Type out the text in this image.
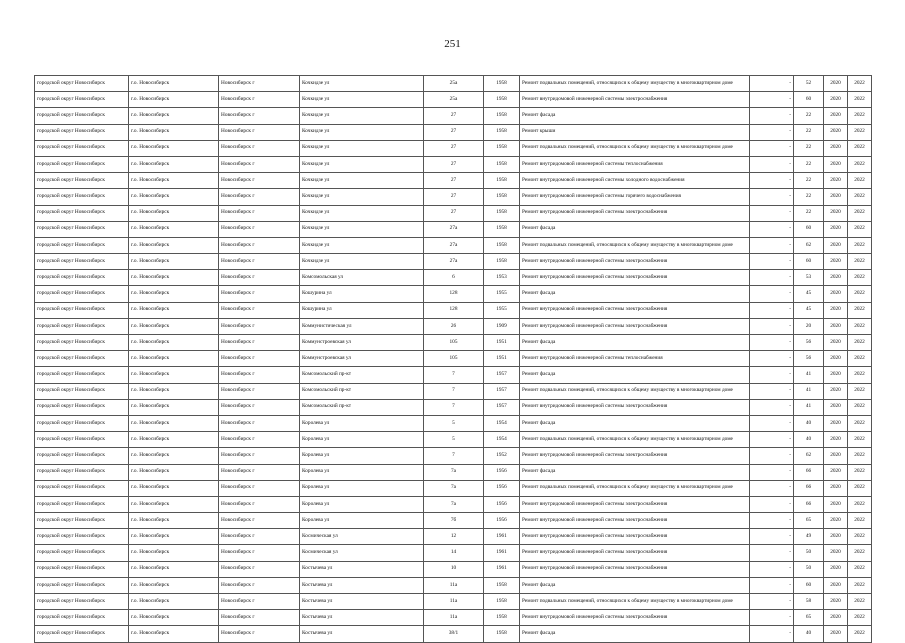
251
городской округ Новосибирск	г.о. Новосибирск	Новосибирск г	Кочкидзе ул	25а	1958	Ремонт подвальных помещений, относящихся к общему имуществу в многоквартирном доме	-	52	2020	2022
городской округ Новосибирск	г.о. Новосибирск	Новосибирск г	Кочкидзе ул	25а	1958	Ремонт внутридомовой инженерной системы электроснабжения	-	60	2020	2022
городской округ Новосибирск	г.о. Новосибирск	Новосибирск г	Кочкидзе ул	27	1958	Ремонт фасада	-	22	2020	2022
городской округ Новосибирск	г.о. Новосибирск	Новосибирск г	Кочкидзе ул	27	1958	Ремонт крыши	-	22	2020	2022
городской округ Новосибирск	г.о. Новосибирск	Новосибирск г	Кочкидзе ул	27	1958	Ремонт подвальных помещений, относящихся к общему имуществу в многоквартирном доме	-	22	2020	2022
городской округ Новосибирск	г.о. Новосибирск	Новосибирск г	Кочкидзе ул	27	1958	Ремонт внутридомовой инженерной системы теплоснабжения	-	22	2020	2022
городской округ Новосибирск	г.о. Новосибирск	Новосибирск г	Кочкидзе ул	27	1958	Ремонт внутридомовой инженерной системы холодного водоснабжения	-	22	2020	2022
городской округ Новосибирск	г.о. Новосибирск	Новосибирск г	Кочкидзе ул	27	1958	Ремонт внутридомовой инженерной системы горячего водоснабжения	-	22	2020	2022
городской округ Новосибирск	г.о. Новосибирск	Новосибирск г	Кочкидзе ул	27	1958	Ремонт внутридомовой инженерной системы электроснабжения	-	22	2020	2022
городской округ Новосибирск	г.о. Новосибирск	Новосибирск г	Кочкидзе ул	27а	1958	Ремонт фасада	-	60	2020	2022
городской округ Новосибирск	г.о. Новосибирск	Новосибирск г	Кочкидзе ул	27а	1958	Ремонт подвальных помещений, относящихся к общему имуществу в многоквартирном доме	-	62	2020	2022
городской округ Новосибирск	г.о. Новосибирск	Новосибирск г	Кочкидзе ул	27а	1958	Ремонт внутридомовой инженерной системы электроснабжения	-	60	2020	2022
городской округ Новосибирск	г.о. Новосибирск	Новосибирск г	Комсомольская ул	6	1953	Ремонт внутридомовой инженерной системы электроснабжения	-	53	2020	2022
городской округ Новосибирск	г.о. Новосибирск	Новосибирск г	Кошурина ул	128	1955	Ремонт фасада	-	45	2020	2022
городской округ Новосибирск	г.о. Новосибирск	Новосибирск г	Кошурина ул	128	1955	Ремонт внутридомовой инженерной системы электроснабжения	-	45	2020	2022
городской округ Новосибирск	г.о. Новосибирск	Новосибирск г	Коммунистическая ул	26	1909	Ремонт внутридомовой инженерной системы электроснабжения	-	20	2020	2022
городской округ Новосибирск	г.о. Новосибирск	Новосибирск г	Коммунстроевская ул	105	1951	Ремонт фасада	-	56	2020	2022
городской округ Новосибирск	г.о. Новосибирск	Новосибирск г	Коммунстроевская ул	105	1951	Ремонт внутридомовой инженерной системы теплоснабжения	-	56	2020	2022
городской округ Новосибирск	г.о. Новосибирск	Новосибирск г	Комсомольский пр-кт	7	1957	Ремонт фасада	-	41	2020	2022
городской округ Новосибирск	г.о. Новосибирск	Новосибирск г	Комсомольский пр-кт	7	1957	Ремонт подвальных помещений, относящихся к общему имуществу в многоквартирном доме	-	41	2020	2022
городской округ Новосибирск	г.о. Новосибирск	Новосибирск г	Комсомольский пр-кт	7	1957	Ремонт внутридомовой инженерной системы электроснабжения	-	41	2020	2022
городской округ Новосибирск	г.о. Новосибирск	Новосибирск г	Королева ул	5	1954	Ремонт фасада	-	40	2020	2022
городской округ Новосибирск	г.о. Новосибирск	Новосибирск г	Королева ул	5	1954	Ремонт подвальных помещений, относящихся к общему имуществу в многоквартирном доме	-	40	2020	2022
городской округ Новосибирск	г.о. Новосибирск	Новосибирск г	Королева ул	7	1952	Ремонт внутридомовой инженерной системы электроснабжения	-	62	2020	2022
городской округ Новосибирск	г.о. Новосибирск	Новосибирск г	Королева ул	7а	1956	Ремонт фасада	-	66	2020	2022
городской округ Новосибирск	г.о. Новосибирск	Новосибирск г	Королева ул	7а	1956	Ремонт подвальных помещений, относящихся к общему имуществу в многоквартирном доме	-	66	2020	2022
городской округ Новосибирск	г.о. Новосибирск	Новосибирск г	Королева ул	7а	1956	Ремонт внутридомовой инженерной системы электроснабжения	-	66	2020	2022
городской округ Новосибирск	г.о. Новосибирск	Новосибирск г	Королева ул	7б	1956	Ремонт внутридомовой инженерной системы электроснабжения	-	65	2020	2022
городской округ Новосибирск	г.о. Новосибирск	Новосибирск г	Космическая ул	12	1961	Ремонт внутридомовой инженерной системы электроснабжения	-	49	2020	2022
городской округ Новосибирск	г.о. Новосибирск	Новосибирск г	Космическая ул	14	1961	Ремонт внутридомовой инженерной системы электроснабжения	-	50	2020	2022
городской округ Новосибирск	г.о. Новосибирск	Новосибирск г	Костычева ул	10	1961	Ремонт внутридомовой инженерной системы электроснабжения	-	50	2020	2022
городской округ Новосибирск	г.о. Новосибирск	Новосибирск г	Костычева ул	11а	1958	Ремонт фасада	-	60	2020	2022
городской округ Новосибирск	г.о. Новосибирск	Новосибирск г	Костычева ул	11а	1958	Ремонт подвальных помещений, относящихся к общему имуществу в многоквартирном доме	-	58	2020	2022
городской округ Новосибирск	г.о. Новосибирск	Новосибирск г	Костычева ул	11а	1958	Ремонт внутридомовой инженерной системы электроснабжения	-	65	2020	2022
городской округ Новосибирск	г.о. Новосибирск	Новосибирск г	Костычева ул	38/1	1958	Ремонт фасада	-	40	2020	2022
